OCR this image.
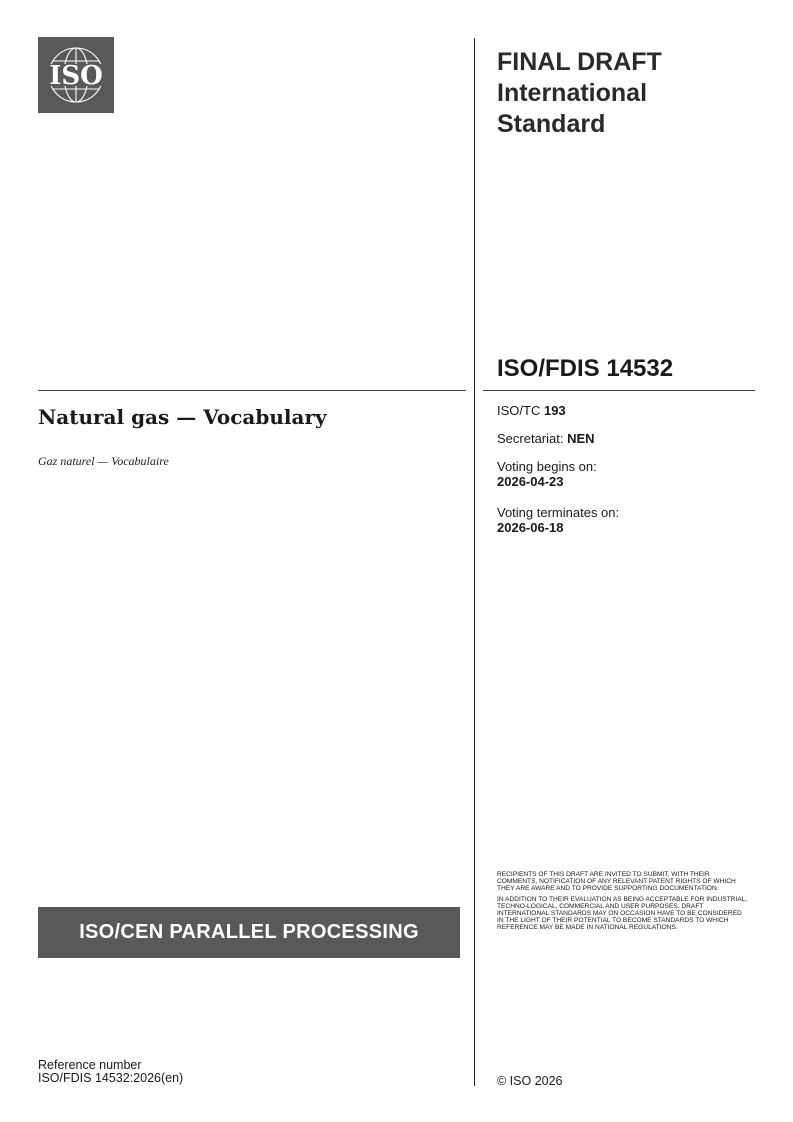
ISO	FINAL DRAFT
International
Standard
ISO/FDIS 14532
ISO/TC 193
Secretariat: NEN
Voting begins on:
2026-04-23
Voting terminates on:
2026-06-18
Natural gas — Vocabulary
Gaz naturel — Vocabulaire

RECIPIENTS OF THIS DRAFT ARE INVITED TO SUBMIT, WITH THEIR COMMENTS, NOTIFICATION OF ANY RELEVANT PATENT RIGHTS OF WHICH THEY ARE AWARE AND TO PROVIDE SUPPORTING DOCUMENTATION.

IN ADDITION TO THEIR EVALUATION AS BEING ACCEPTABLE FOR INDUSTRIAL, TECHNO-LOGICAL, COMMERCIAL AND USER PURPOSES, DRAFT INTERNATIONAL STANDARDS MAY ON OCCASION HAVE TO BE CONSIDERED IN THE LIGHT OF THEIR POTENTIAL TO BECOME STANDARDS TO WHICH REFERENCE MAY BE MADE IN NATIONAL REGULATIONS.

ISO/CEN PARALLEL PROCESSING
Reference number
ISO/FDIS 14532:2026(en)	© ISO 2026
